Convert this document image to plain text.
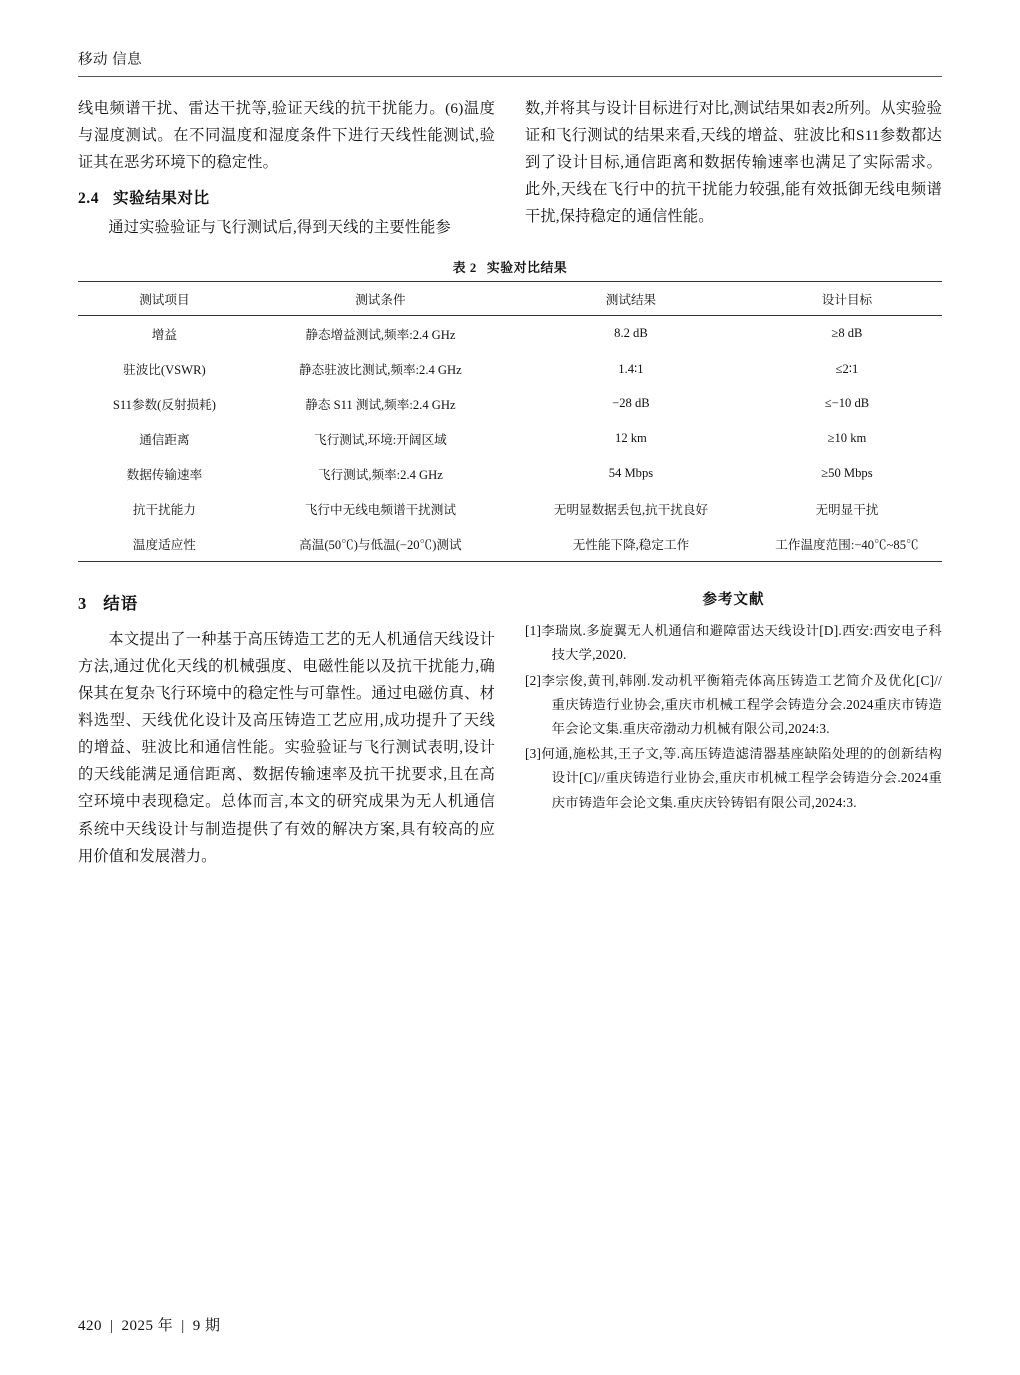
移动 信息

线电频谱干扰、雷达干扰等,验证天线的抗干扰能力。(6)温度与湿度测试。在不同温度和湿度条件下进行天线性能测试,验证其在恶劣环境下的稳定性。

2.4 实验结果对比

通过实验验证与飞行测试后,得到天线的主要性能参

数,并将其与设计目标进行对比,测试结果如表2所列。从实验验证和飞行测试的结果来看,天线的增益、驻波比和S11参数都达到了设计目标,通信距离和数据传输速率也满足了实际需求。此外,天线在飞行中的抗干扰能力较强,能有效抵御无线电频谱干扰,保持稳定的通信性能。

表 2 实验对比结果
测试项目	测试条件	测试结果	设计目标
增益	静态增益测试,频率:2.4 GHz	8.2 dB	≥8 dB
驻波比(VSWR)	静态驻波比测试,频率:2.4 GHz	1.4∶1	≤2∶1
S11参数(反射损耗)	静态 S11 测试,频率:2.4 GHz	−28 dB	≤−10 dB
通信距离	飞行测试,环境:开阔区域	12 km	≥10 km
数据传输速率	飞行测试,频率:2.4 GHz	54 Mbps	≥50 Mbps
抗干扰能力	飞行中无线电频谱干扰测试	无明显数据丢包,抗干扰良好	无明显干扰
温度适应性	高温(50℃)与低温(−20℃)测试	无性能下降,稳定工作	工作温度范围:−40℃~85℃
3 结语

本文提出了一种基于高压铸造工艺的无人机通信天线设计方法,通过优化天线的机械强度、电磁性能以及抗干扰能力,确保其在复杂飞行环境中的稳定性与可靠性。通过电磁仿真、材料选型、天线优化设计及高压铸造工艺应用,成功提升了天线的增益、驻波比和通信性能。实验验证与飞行测试表明,设计的天线能满足通信距离、数据传输速率及抗干扰要求,且在高空环境中表现稳定。总体而言,本文的研究成果为无人机通信系统中天线设计与制造提供了有效的解决方案,具有较高的应用价值和发展潜力。

参考文献
[1]李瑞岚.多旋翼无人机通信和避障雷达天线设计[D].西安:西安电子科技大学,2020.
[2]李宗俊,黄刊,韩刚.发动机平衡箱壳体高压铸造工艺简介及优化[C]//重庆铸造行业协会,重庆市机械工程学会铸造分会.2024重庆市铸造年会论文集.重庆帝渤动力机械有限公司,2024:3.
[3]何通,施松其,王子文,等.高压铸造滤清器基座缺陷处理的的创新结构设计[C]//重庆铸造行业协会,重庆市机械工程学会铸造分会.2024重庆市铸造年会论文集.重庆庆铃铸铝有限公司,2024:3.
420 | 2025 年 | 9 期
